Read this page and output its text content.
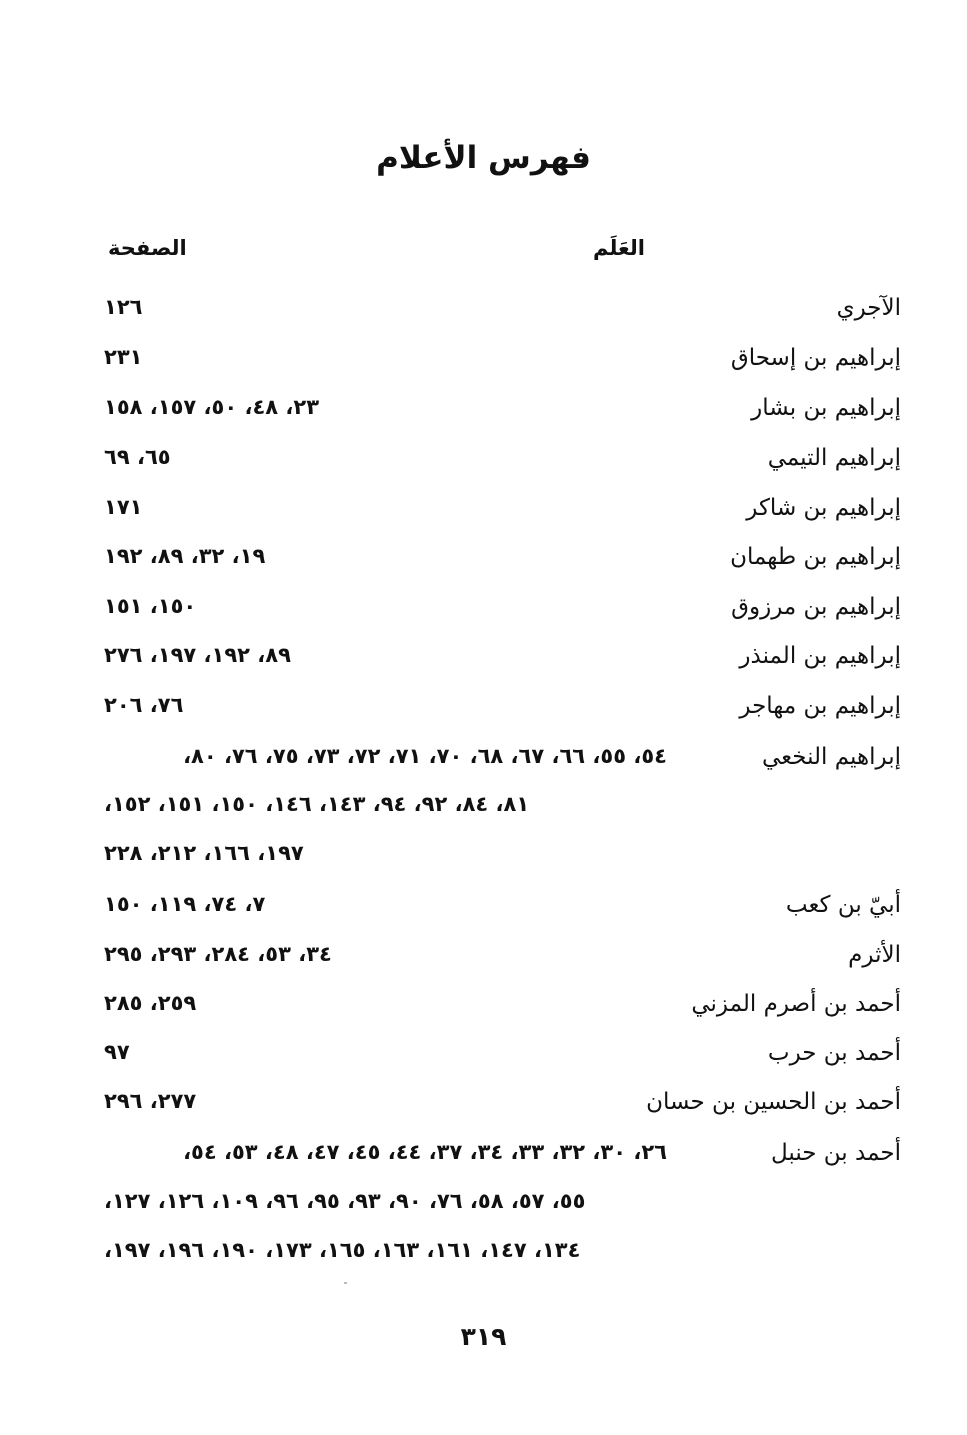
فهرس الأعلام
العَلَم
الصفحة
الآجري
١٢٦
إبراهيم بن إسحاق
٢٣١
إبراهيم بن بشار
٢٣، ٤٨، ٥٠، ١٥٧، ١٥٨
إبراهيم التيمي
٦٥، ٦٩
إبراهيم بن شاكر
١٧١
إبراهيم بن طهمان
١٩، ٣٢، ٨٩، ١٩٢
إبراهيم بن مرزوق
١٥٠، ١٥١
إبراهيم بن المنذر
٨٩، ١٩٢، ١٩٧، ٢٧٦
إبراهيم بن مهاجر
٧٦، ٢٠٦
إبراهيم النخعي
٥٤، ٥٥، ٦٦، ٦٧، ٦٨، ٧٠، ٧١، ٧٢، ٧٣، ٧٥، ٧٦، ٨٠،
٨١، ٨٤، ٩٢، ٩٤، ١٤٣، ١٤٦، ١٥٠، ١٥١، ١٥٢،
١٩٧، ١٦٦، ٢١٢، ٢٢٨
أبيّ بن كعب
٧، ٧٤، ١١٩، ١٥٠
الأثرم
٣٤، ٥٣، ٢٨٤، ٢٩٣، ٢٩٥
أحمد بن أصرم المزني
٢٥٩، ٢٨٥
أحمد بن حرب
٩٧
أحمد بن الحسين بن حسان
٢٧٧، ٢٩٦
أحمد بن حنبل
٢٦، ٣٠، ٣٢، ٣٣، ٣٤، ٣٧، ٤٤، ٤٥، ٤٧، ٤٨، ٥٣، ٥٤،
٥٥، ٥٧، ٥٨، ٧٦، ٩٠، ٩٣، ٩٥، ٩٦، ١٠٩، ١٢٦، ١٢٧،
١٣٤، ١٤٧، ١٦١، ١٦٣، ١٦٥، ١٧٣، ١٩٠، ١٩٦، ١٩٧،
٣١٩
